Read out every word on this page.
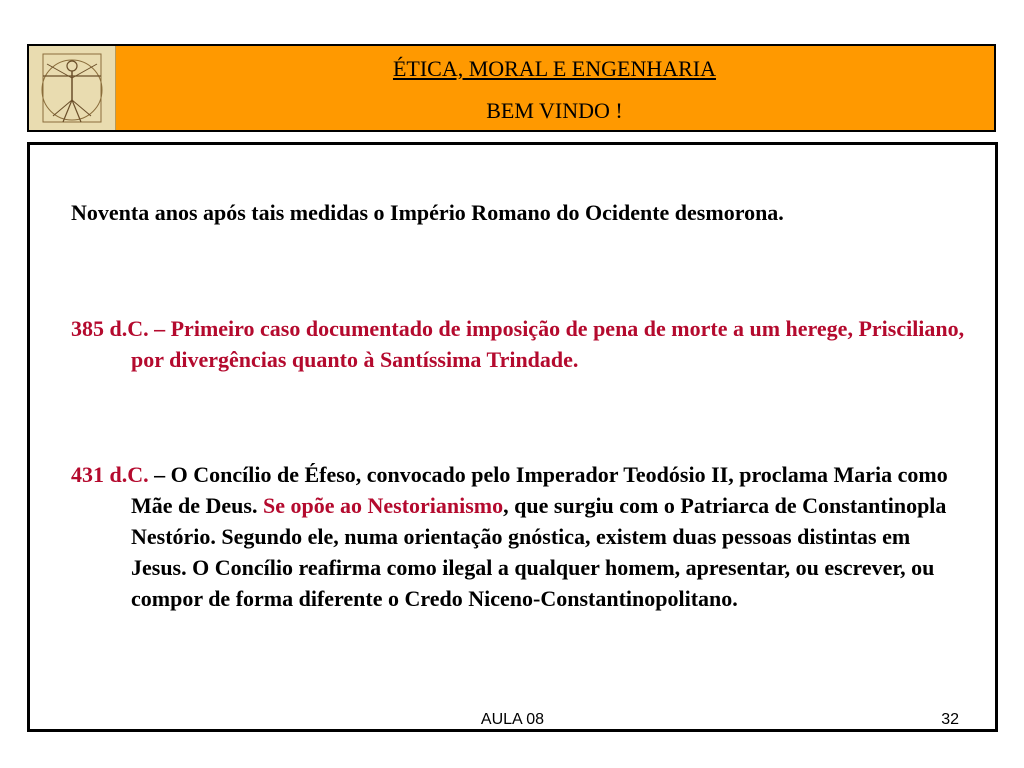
ÉTICA, MORAL E ENGENHARIA
BEM VINDO !
Noventa anos após tais medidas o Império Romano do Ocidente desmorona.
385 d.C. – Primeiro caso documentado de imposição de pena de morte a um herege, Prisciliano, por divergências quanto à Santíssima Trindade.
431 d.C. – O Concílio de Éfeso, convocado pelo Imperador Teodósio II, proclama Maria como Mãe de Deus. Se opõe ao Nestorianismo, que surgiu com o Patriarca de Constantinopla Nestório. Segundo ele, numa orientação gnóstica, existem duas pessoas distintas em Jesus. O Concílio reafirma como ilegal a qualquer homem, apresentar, ou escrever, ou compor de forma diferente o Credo Niceno-Constantinopolitano.
AULA 08	32
